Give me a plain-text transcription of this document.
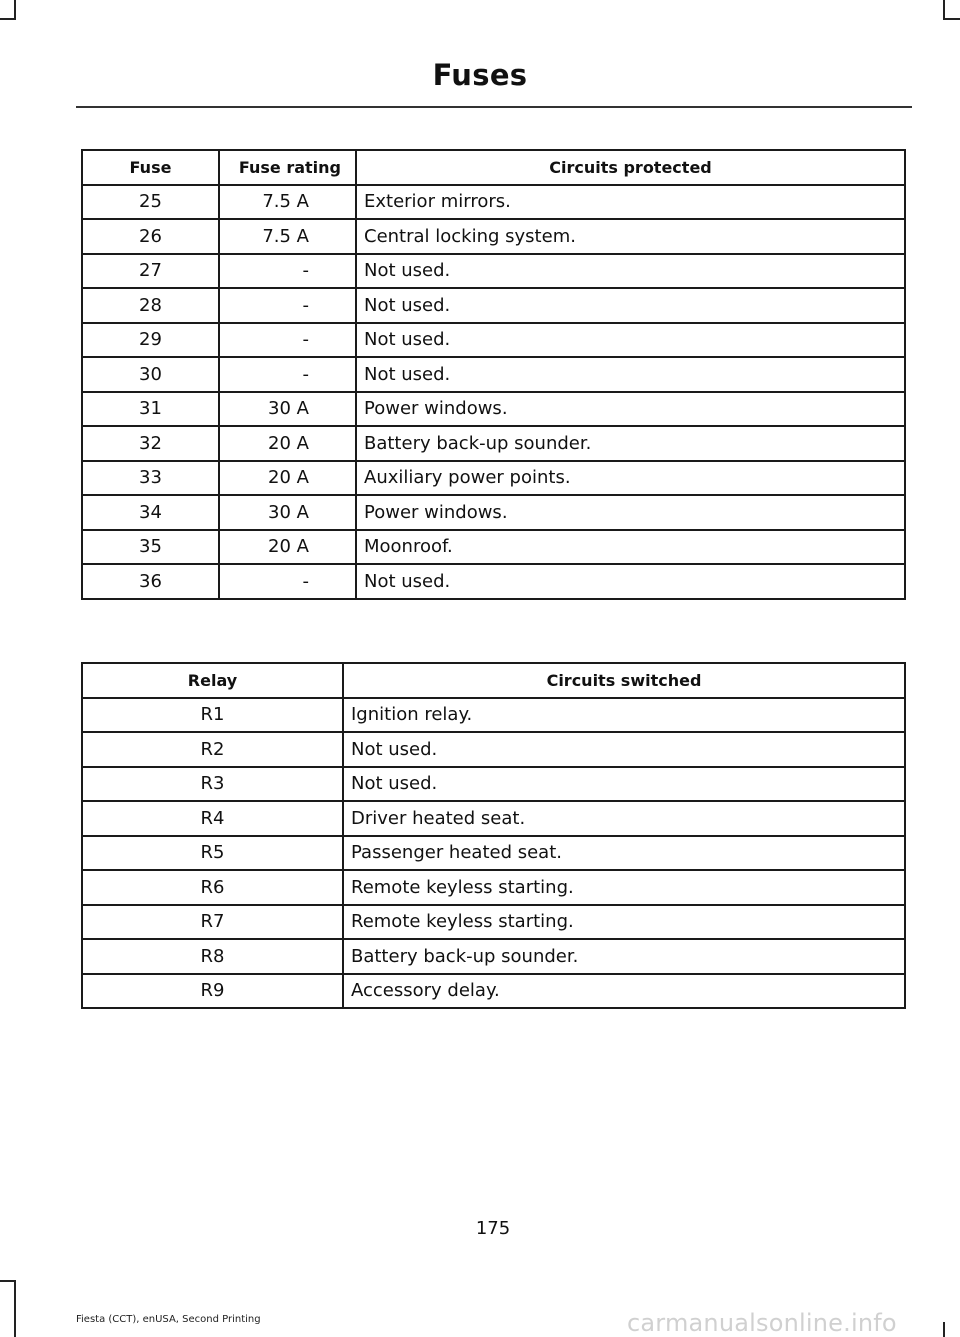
Fuses
Fuse	Fuse rating	Circuits protected
25	7.5 A	Exterior mirrors.
26	7.5 A	Central locking system.
27	-	Not used.
28	-	Not used.
29	-	Not used.
30	-	Not used.
31	30 A	Power windows.
32	20 A	Battery back-up sounder.
33	20 A	Auxiliary power points.
34	30 A	Power windows.
35	20 A	Moonroof.
36	-	Not used.
Relay	Circuits switched
R1	Ignition relay.
R2	Not used.
R3	Not used.
R4	Driver heated seat.
R5	Passenger heated seat.
R6	Remote keyless starting.
R7	Remote keyless starting.
R8	Battery back-up sounder.
R9	Accessory delay.
175
Fiesta (CCT), enUSA, Second Printing	carmanualsonline.info
